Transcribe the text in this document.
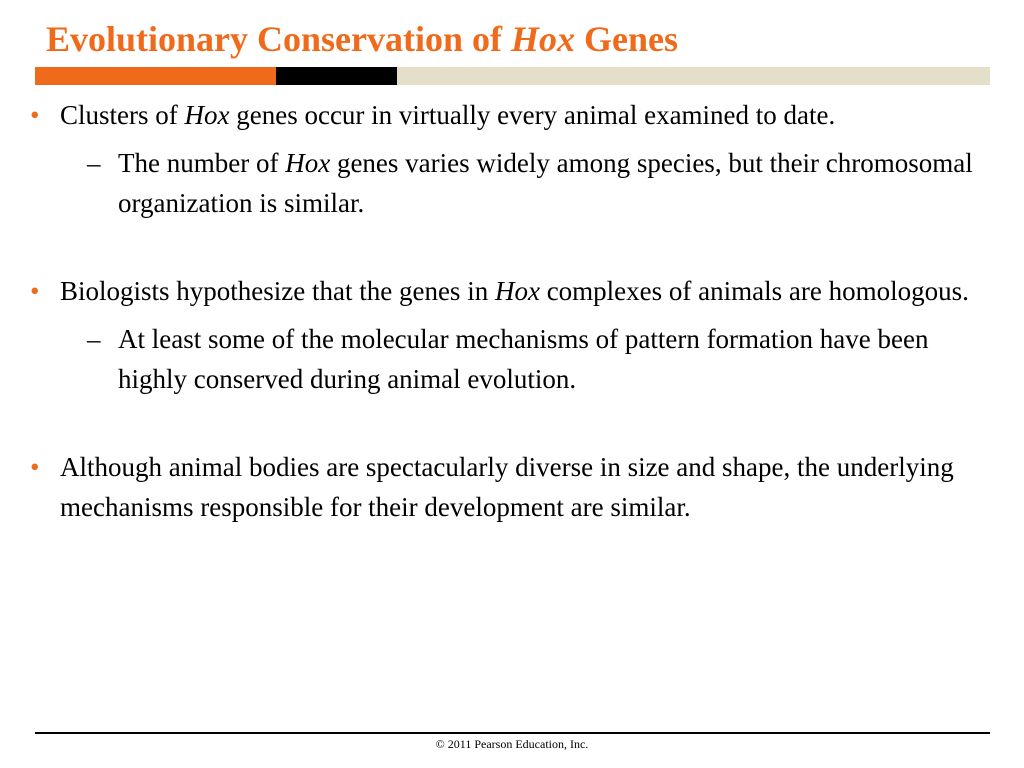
Evolutionary Conservation of Hox Genes

• Clusters of Hox genes occur in virtually every animal examined to date.

– The number of Hox genes varies widely among species, but their chromosomal organization is similar.

• Biologists hypothesize that the genes in Hox complexes of animals are homologous.

– At least some of the molecular mechanisms of pattern formation have been highly conserved during animal evolution.

• Although animal bodies are spectacularly diverse in size and shape, the underlying mechanisms responsible for their development are similar.

© 2011 Pearson Education, Inc.
